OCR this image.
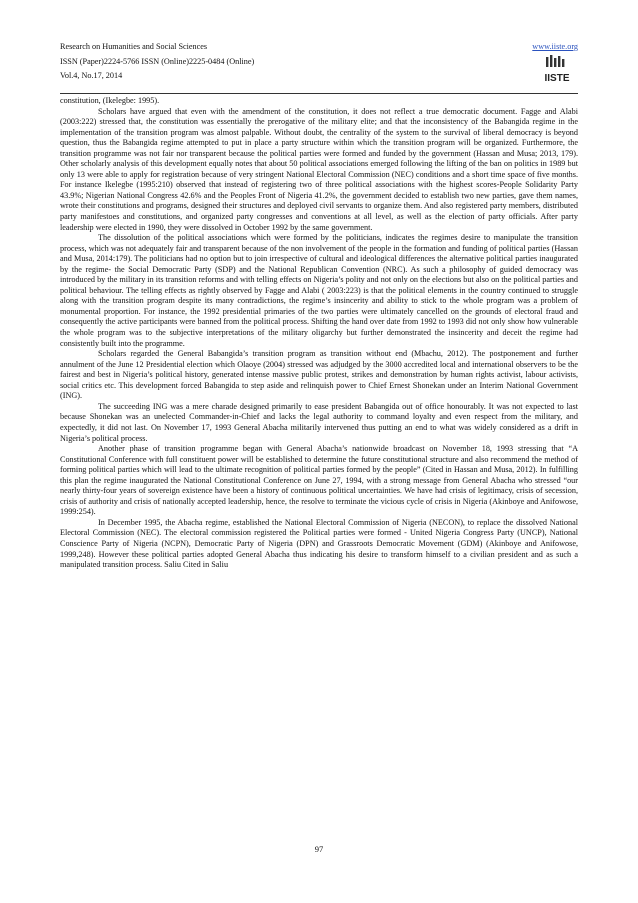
Research on Humanities and Social Sciences
ISSN (Paper)2224-5766 ISSN (Online)2225-0484 (Online)
Vol.4, No.17, 2014
www.iiste.org
IISTE

constitution, (Ikelegbe: 1995).

Scholars have argued that even with the amendment of the constitution, it does not reflect a true democratic document. Fagge and Alabi (2003:222) stressed that, the constitution was essentially the prerogative of the military elite; and that the inconsistency of the Babangida regime in the implementation of the transition program was almost palpable. Without doubt, the centrality of the system to the survival of liberal democracy is beyond question, thus the Babangida regime attempted to put in place a party structure within which the transition program will be organized. Furthermore, the transition programme was not fair nor transparent because the political parties were formed and funded by the government (Hassan and Musa; 2013, 179). Other scholarly analysis of this development equally notes that about 50 political associations emerged following the lifting of the ban on politics in 1989 but only 13 were able to apply for registration because of very stringent National Electoral Commission (NEC) conditions and a short time space of five months. For instance Ikelegbe (1995:210) observed that instead of registering two of three political associations with the highest scores-People Solidarity Party 43.9%; Nigerian National Congress 42.6% and the Peoples Front of Nigeria 41.2%, the government decided to establish two new parties, gave them names, wrote their constitutions and programs, designed their structures and deployed civil servants to organize them. And also registered party members, distributed party manifestoes and constitutions, and organized party congresses and conventions at all level, as well as the election of party officials. After party leadership were elected in 1990, they were dissolved in October 1992 by the same government.

The dissolution of the political associations which were formed by the politicians, indicates the regimes desire to manipulate the transition process, which was not adequately fair and transparent because of the non involvement of the people in the formation and funding of political parties (Hassan and Musa, 2014:179). The politicians had no option but to join irrespective of cultural and ideological differences the alternative political parties inaugurated by the regime- the Social Democratic Party (SDP) and the National Republican Convention (NRC). As such a philosophy of guided democracy was introduced by the military in its transition reforms and with telling effects on Nigeria’s polity and not only on the elections but also on the political parties and political behaviour. The telling effects as rightly observed by Fagge and Alabi ( 2003:223) is that the political elements in the country continued to struggle along with the transition program despite its many contradictions, the regime’s insincerity and ability to stick to the whole program was a problem of monumental proportion. For instance, the 1992 presidential primaries of the two parties were ultimately cancelled on the grounds of electoral fraud and consequently the active participants were banned from the political process. Shifting the hand over date from 1992 to 1993 did not only show how vulnerable the whole program was to the subjective interpretations of the military oligarchy but further demonstrated the insincerity and deceit the regime had consistently built into the programme.

Scholars regarded the General Babangida’s transition program as transition without end (Mbachu, 2012). The postponement and further annulment of the June 12 Presidential election which Olaoye (2004) stressed was adjudged by the 3000 accredited local and international observers to be the fairest and best in Nigeria’s political history, generated intense massive public protest, strikes and demonstration by human rights activist, labour activists, social critics etc. This development forced Babangida to step aside and relinquish power to Chief Ernest Shonekan under an Interim National Government (ING).

The succeeding ING was a mere charade designed primarily to ease president Babangida out of office honourably. It was not expected to last because Shonekan was an unelected Commander-in-Chief and lacks the legal authority to command loyalty and even respect from the military, and expectedly, it did not last. On November 17, 1993 General Abacha militarily intervened thus putting an end to what was widely considered as a drift in Nigeria’s political process.

Another phase of transition programme began with General Abacha’s nationwide broadcast on November 18, 1993 stressing that “A Constitutional Conference with full constituent power will be established to determine the future constitutional structure and also recommend the method of forming political parties which will lead to the ultimate recognition of political parties formed by the people” (Cited in Hassan and Musa, 2012). In fulfilling this plan the regime inaugurated the National Constitutional Conference on June 27, 1994, with a strong message from General Abacha who stressed “our nearly thirty-four years of sovereign existence have been a history of continuous political uncertainties. We have had crisis of legitimacy, crisis of secession, crisis of authority and crisis of nationally accepted leadership, hence, the resolve to terminate the vicious cycle of crisis in Nigeria (Akinboye and Anifowose, 1999:254).

In December 1995, the Abacha regime, established the National Electoral Commission of Nigeria (NECON), to replace the dissolved National Electoral Commission (NEC). The electoral commission registered the Political parties were formed - United Nigeria Congress Party (UNCP), National Conscience Party of Nigeria (NCPN), Democratic Party of Nigeria (DPN) and Grassroots Democratic Movement (GDM) (Akinboye and Anifowose, 1999,248). However these political parties adopted General Abacha thus indicating his desire to transform himself to a civilian president and as such a manipulated transition process. Saliu Cited in Saliu

97
